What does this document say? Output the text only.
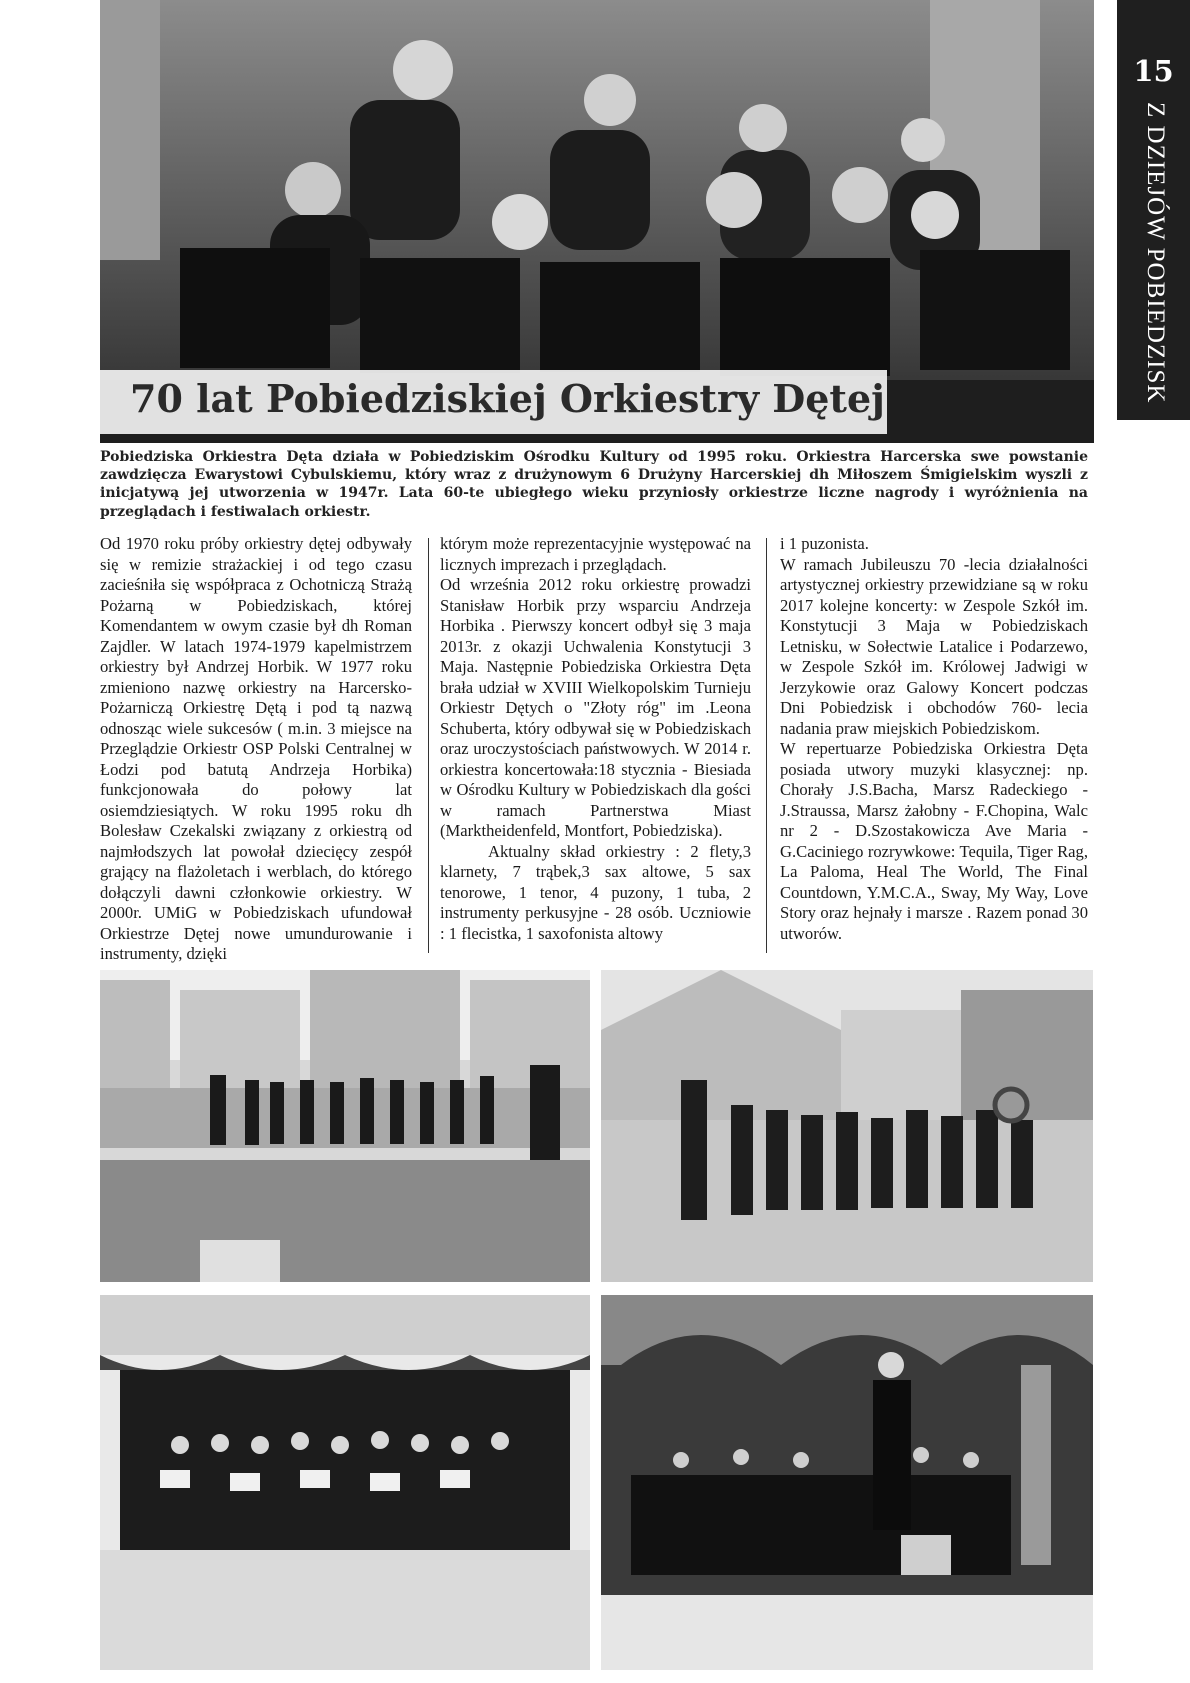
15
Z DZIEJÓW POBIEDZISK
70 lat Pobiedziskiej Orkiestry Dętej
Pobiedziska Orkiestra Dęta działa w Pobiedziskim Ośrodku Kultury od 1995 roku. Orkiestra Harcerska swe powstanie zawdzięcza Ewarystowi Cybulskiemu, który wraz z drużynowym 6 Drużyny Harcerskiej dh Miłoszem Śmigielskim wyszli z inicjatywą jej utworzenia w 1947r. Lata 60-te ubiegłego wieku przyniosły orkiestrze liczne nagrody i wyróżnienia na przeglądach i festiwalach orkiestr.

Od 1970 roku próby orkiestry dętej odbywały się w remizie strażackiej i od tego czasu zacieśniła się współpraca z Ochotniczą Strażą Pożarną w Pobiedziskach, której Komendantem w owym czasie był dh Roman Zajdler. W latach 1974-1979 kapelmistrzem orkiestry był Andrzej Horbik. W 1977 roku zmieniono nazwę orkiestry na Harcersko-Pożarniczą Orkiestrę Dętą i pod tą nazwą odnosząc wiele sukcesów ( m.in. 3 miejsce na Przeglądzie Orkiestr OSP Polski Centralnej w Łodzi pod batutą Andrzeja Horbika) funkcjonowała do połowy lat osiemdziesiątych. W roku 1995 roku dh Bolesław Czekalski związany z orkiestrą od najmłodszych lat powołał dziecięcy zespół grający na flażoletach i werblach, do którego dołączyli dawni członkowie orkiestry. W 2000r. UMiG w Pobiedziskach ufundował Orkiestrze Dętej nowe umundurowanie i instrumenty, dzięki

którym może reprezentacyjnie występować na licznych imprezach i przeglądach.

Od września 2012 roku orkiestrę prowadzi Stanisław Horbik przy wsparciu Andrzeja Horbika . Pierwszy koncert odbył się 3 maja 2013r. z okazji Uchwalenia Konstytucji 3 Maja. Następnie Pobiedziska Orkiestra Dęta brała udział w XVIII Wielkopolskim Turnieju Orkiestr Dętych o "Złoty róg" im .Leona Schuberta, który odbywał się w Pobiedziskach oraz uroczystościach państwowych. W 2014 r. orkiestra koncertowała:18 stycznia - Biesiada w Ośrodku Kultury w Pobiedziskach dla gości w ramach Partnerstwa Miast (Marktheidenfeld, Montfort, Pobiedziska).

Aktualny skład orkiestry : 2 flety,3 klarnety, 7 trąbek,3 sax altowe, 5 sax tenorowe, 1 tenor, 4 puzony, 1 tuba, 2 instrumenty perkusyjne - 28 osób. Uczniowie : 1 flecistka, 1 saxofonista altowy

i 1 puzonista.

W ramach Jubileuszu 70 -lecia działalności artystycznej orkiestry przewidziane są w roku 2017 kolejne koncerty: w Zespole Szkół im. Konstytucji 3 Maja w Pobiedziskach Letnisku, w Sołectwie Latalice i Podarzewo, w Zespole Szkół im. Królowej Jadwigi w Jerzykowie oraz Galowy Koncert podczas Dni Pobiedzisk i obchodów 760- lecia nadania praw miejskich Pobiedziskom.

W repertuarze Pobiedziska Orkiestra Dęta posiada utwory muzyki klasycznej: np. Chorały J.S.Bacha, Marsz Radeckiego - J.Straussa, Marsz żałobny - F.Chopina, Walc nr 2 - D.Szostakowicza Ave Maria - G.Caciniego rozrywkowe: Tequila, Tiger Rag, La Paloma, Heal The World, The Final Countdown, Y.M.C.A., Sway, My Way, Love Story oraz hejnały i marsze . Razem ponad 30 utworów.
